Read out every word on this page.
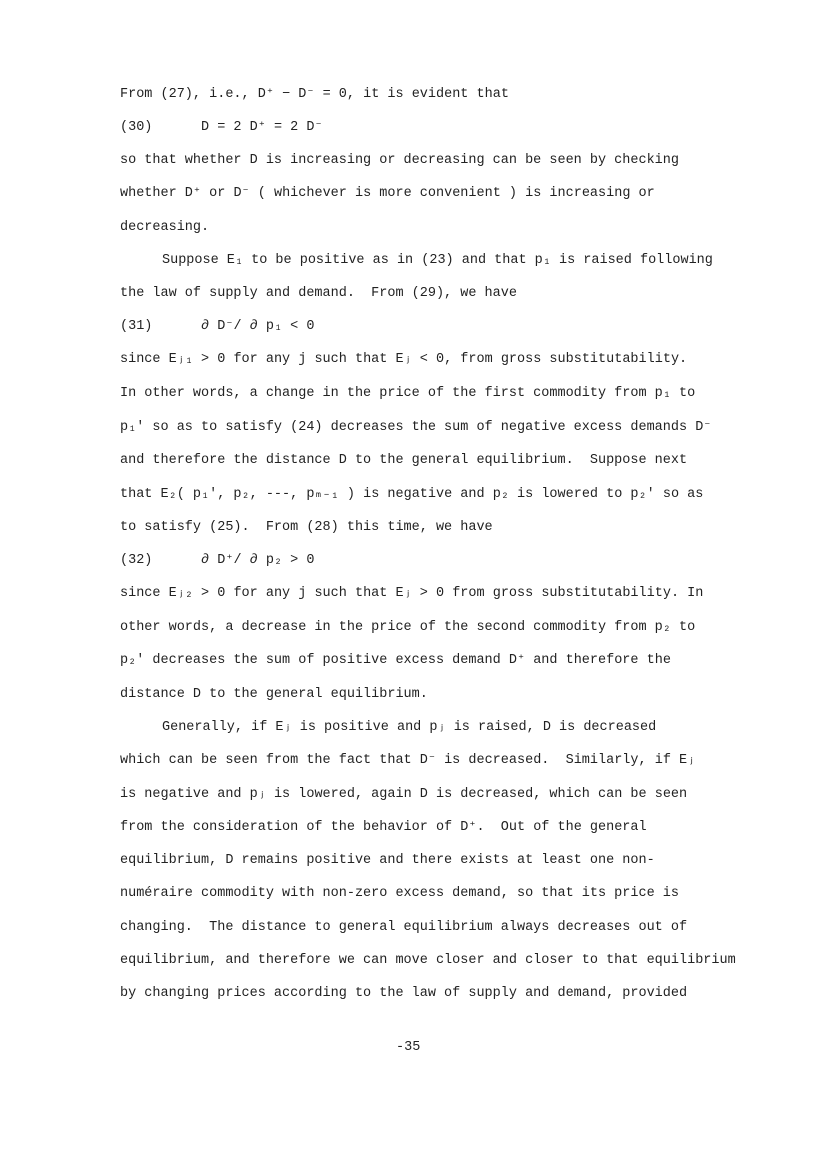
From (27), i.e., D⁺ − D⁻ = 0, it is evident that
(30)      D = 2 D⁺ = 2 D⁻
so that whether D is increasing or decreasing can be seen by checking
whether D⁺ or D⁻ ( whichever is more convenient ) is increasing or
decreasing.
Suppose E₁ to be positive as in (23) and that p₁ is raised following
the law of supply and demand.  From (29), we have
(31)      ∂ D⁻/ ∂ p₁ < 0
since Eⱼ₁ > 0 for any j such that Eⱼ < 0, from gross substitutability.
In other words, a change in the price of the first commodity from p₁ to
p₁′ so as to satisfy (24) decreases the sum of negative excess demands D⁻
and therefore the distance D to the general equilibrium.  Suppose next
that E₂( p₁′, p₂, ---, pₘ₋₁ ) is negative and p₂ is lowered to p₂′ so as
to satisfy (25).  From (28) this time, we have
(32)      ∂ D⁺/ ∂ p₂ > 0
since Eⱼ₂ > 0 for any j such that Eⱼ > 0 from gross substitutability. In
other words, a decrease in the price of the second commodity from p₂ to
p₂′ decreases the sum of positive excess demand D⁺ and therefore the
distance D to the general equilibrium.
Generally, if Eⱼ is positive and pⱼ is raised, D is decreased
which can be seen from the fact that D⁻ is decreased.  Similarly, if Eⱼ
is negative and pⱼ is lowered, again D is decreased, which can be seen
from the consideration of the behavior of D⁺.  Out of the general
equilibrium, D remains positive and there exists at least one non-
numéraire commodity with non-zero excess demand, so that its price is
changing.  The distance to general equilibrium always decreases out of
equilibrium, and therefore we can move closer and closer to that equilibrium
by changing prices according to the law of supply and demand, provided
-35
